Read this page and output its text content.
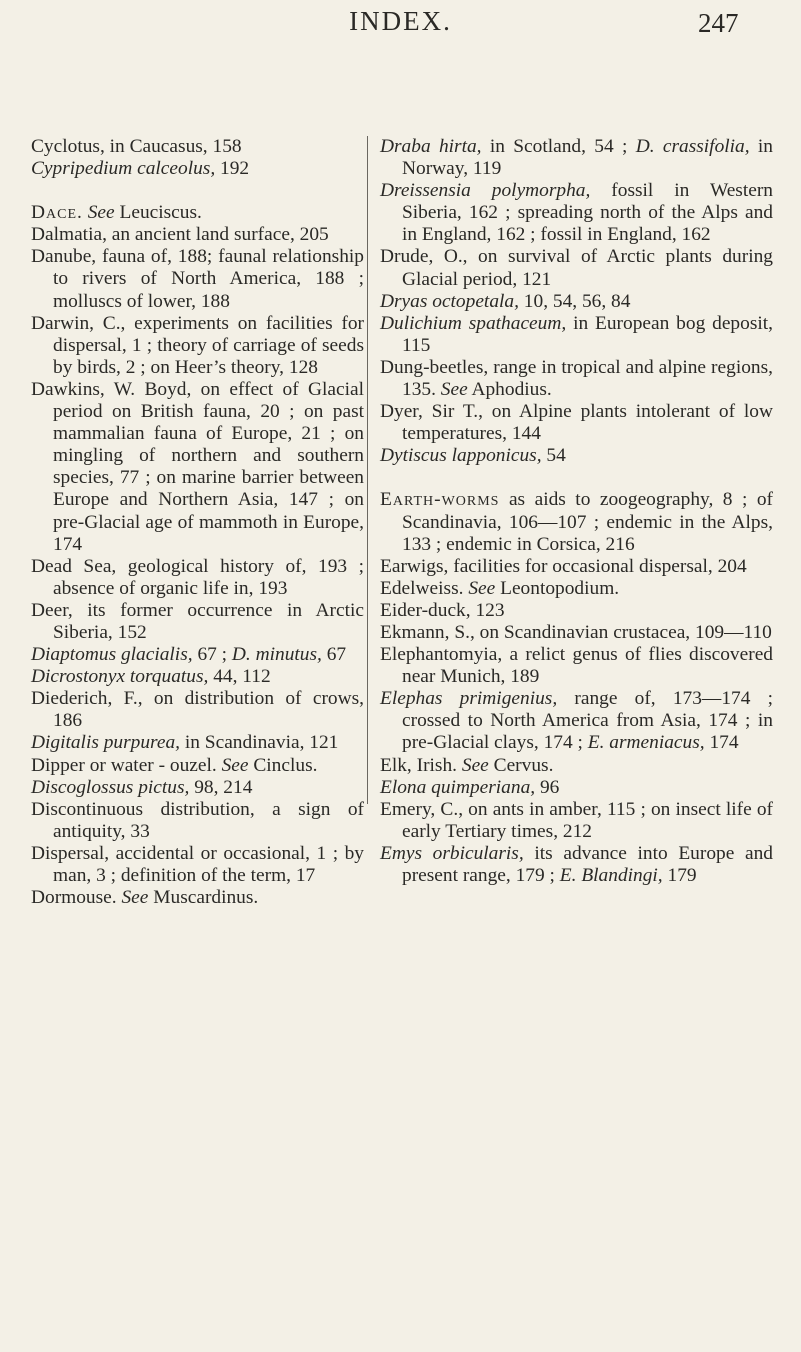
INDEX.	247

Cyclotus, in Caucasus, 158

Cypripedium calceolus, 192

Dace. See Leuciscus.

Dalmatia, an ancient land surface, 205

Danube, fauna of, 188; faunal relationship to rivers of North America, 188 ; molluscs of lower, 188

Darwin, C., experiments on facilities for dispersal, 1 ; theory of carriage of seeds by birds, 2 ; on Heer’s theory, 128

Dawkins, W. Boyd, on effect of Glacial period on British fauna, 20 ; on past mammalian fauna of Europe, 21 ; on mingling of northern and southern species, 77 ; on marine barrier between Europe and Northern Asia, 147 ; on pre-Glacial age of mammoth in Europe, 174

Dead Sea, geological history of, 193 ; absence of organic life in, 193

Deer, its former occurrence in Arctic Siberia, 152

Diaptomus glacialis, 67 ; D. minutus, 67

Dicrostonyx torquatus, 44, 112

Diederich, F., on distribution of crows, 186

Digitalis purpurea, in Scandinavia, 121

Dipper or water - ouzel. See Cinclus.

Discoglossus pictus, 98, 214

Discontinuous distribution, a sign of antiquity, 33

Dispersal, accidental or occasional, 1 ; by man, 3 ; definition of the term, 17

Dormouse. See Muscardinus.

Draba hirta, in Scotland, 54 ; D. crassifolia, in Norway, 119

Dreissensia polymorpha, fossil in Western Siberia, 162 ; spreading north of the Alps and in England, 162 ; fossil in England, 162

Drude, O., on survival of Arctic plants during Glacial period, 121

Dryas octopetala, 10, 54, 56, 84

Dulichium spathaceum, in European bog deposit, 115

Dung-beetles, range in tropical and alpine regions, 135. See Aphodius.

Dyer, Sir T., on Alpine plants intolerant of low temperatures, 144

Dytiscus lapponicus, 54

Earth-worms as aids to zoogeography, 8 ; of Scandinavia, 106—107 ; endemic in the Alps, 133 ; endemic in Corsica, 216

Earwigs, facilities for occasional dispersal, 204

Edelweiss. See Leontopodium.

Eider-duck, 123

Ekmann, S., on Scandinavian crustacea, 109—110

Elephantomyia, a relict genus of flies discovered near Munich, 189

Elephas primigenius, range of, 173—174 ; crossed to North America from Asia, 174 ; in pre-Glacial clays, 174 ; E. armeniacus, 174

Elk, Irish. See Cervus.

Elona quimperiana, 96

Emery, C., on ants in amber, 115 ; on insect life of early Tertiary times, 212

Emys orbicularis, its advance into Europe and present range, 179 ; E. Blandingi, 179
